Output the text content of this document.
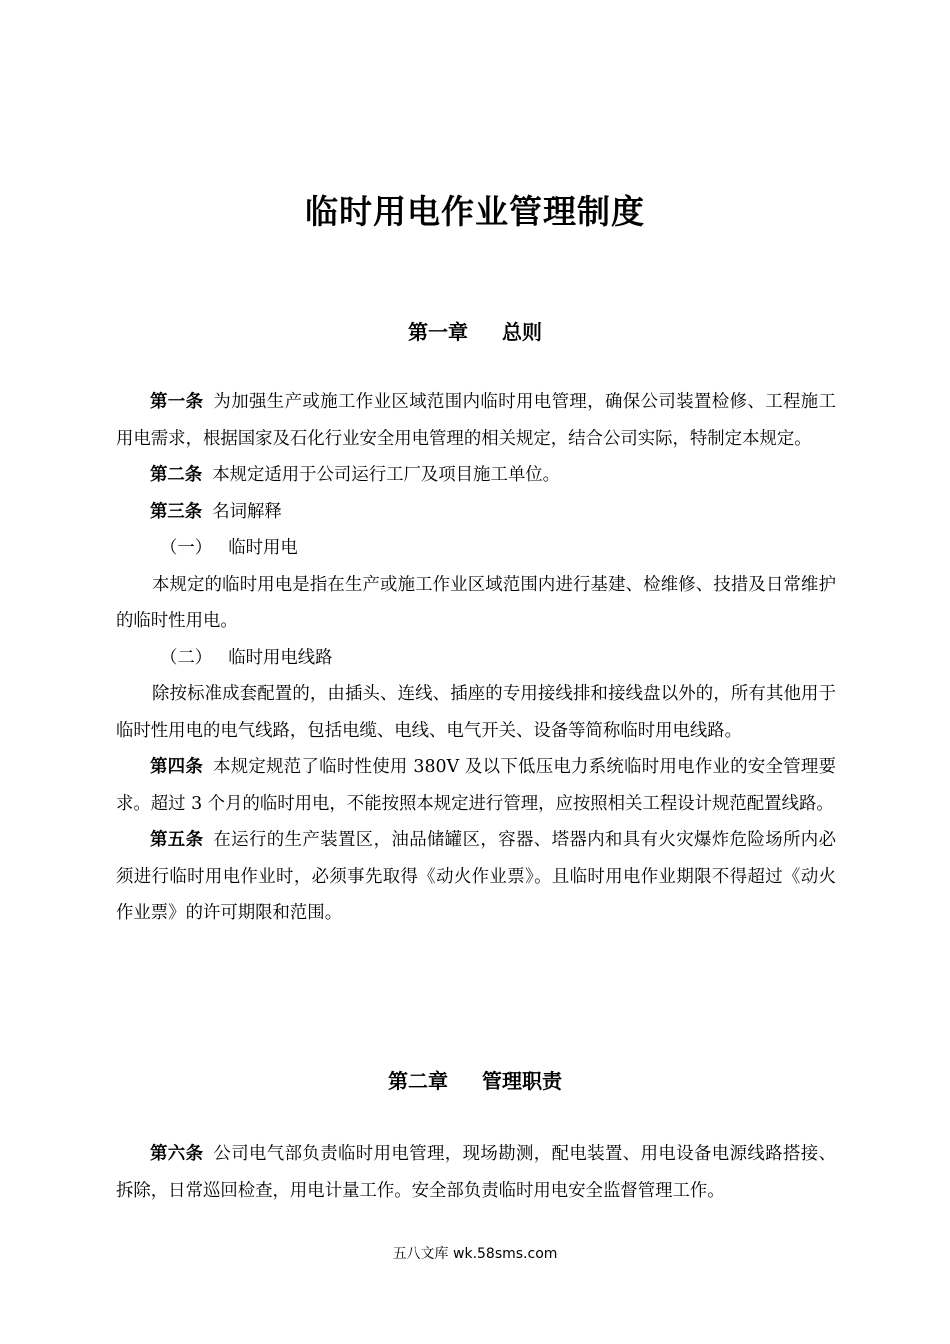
临时用电作业管理制度
第一章 总则

第一条 为加强生产或施工作业区域范围内临时用电管理，确保公司装置检修、工程施工用电需求，根据国家及石化行业安全用电管理的相关规定，结合公司实际，特制定本规定。

第二条 本规定适用于公司运行工厂及项目施工单位。

第三条 名词解释

（一） 临时用电

本规定的临时用电是指在生产或施工作业区域范围内进行基建、检维修、技措及日常维护的临时性用电。

（二） 临时用电线路

除按标准成套配置的，由插头、连线、插座的专用接线排和接线盘以外的，所有其他用于临时性用电的电气线路，包括电缆、电线、电气开关、设备等简称临时用电线路。

第四条 本规定规范了临时性使用 380V 及以下低压电力系统临时用电作业的安全管理要求。超过 3 个月的临时用电，不能按照本规定进行管理，应按照相关工程设计规范配置线路。

第五条 在运行的生产装置区，油品储罐区，容器、塔器内和具有火灾爆炸危险场所内必须进行临时用电作业时，必须事先取得《动火作业票》。且临时用电作业期限不得超过《动火作业票》的许可期限和范围。

第二章 管理职责

第六条 公司电气部负责临时用电管理，现场勘测，配电装置、用电设备电源线路搭接、拆除，日常巡回检查，用电计量工作。安全部负责临时用电安全监督管理工作。

五八文库 wk.58sms.com
